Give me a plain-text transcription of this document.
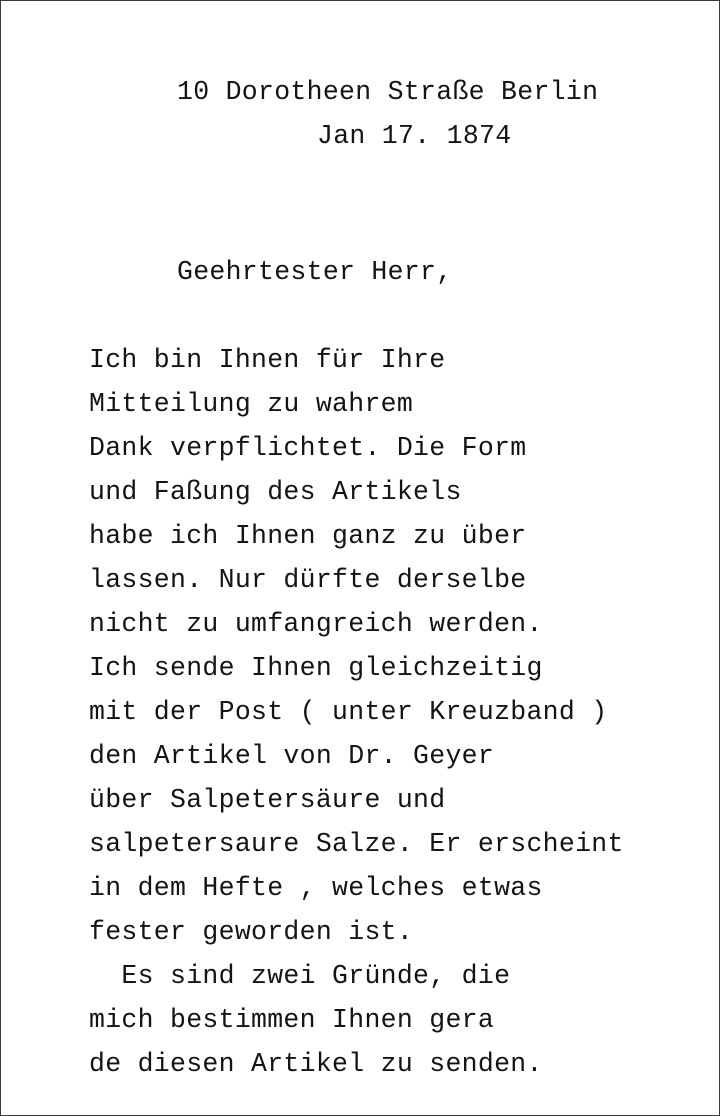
10 Dorotheen Straße Berlin
Jan 17. 1874
Geehrtester Herr,
Ich bin Ihnen für Ihre
Mitteilung zu wahrem
Dank verpflichtet. Die Form
und Faßung des Artikels
habe ich Ihnen ganz zu über
lassen. Nur dürfte derselbe
nicht zu umfangreich werden.
Ich sende Ihnen gleichzeitig
mit der Post ( unter Kreuzband )
den Artikel von Dr. Geyer
über Salpetersäure und
salpetersaure Salze. Er erscheint
in dem Hefte , welches etwas
fester geworden ist.
Es sind zwei Gründe, die
mich bestimmen Ihnen gera
de diesen Artikel zu senden.
